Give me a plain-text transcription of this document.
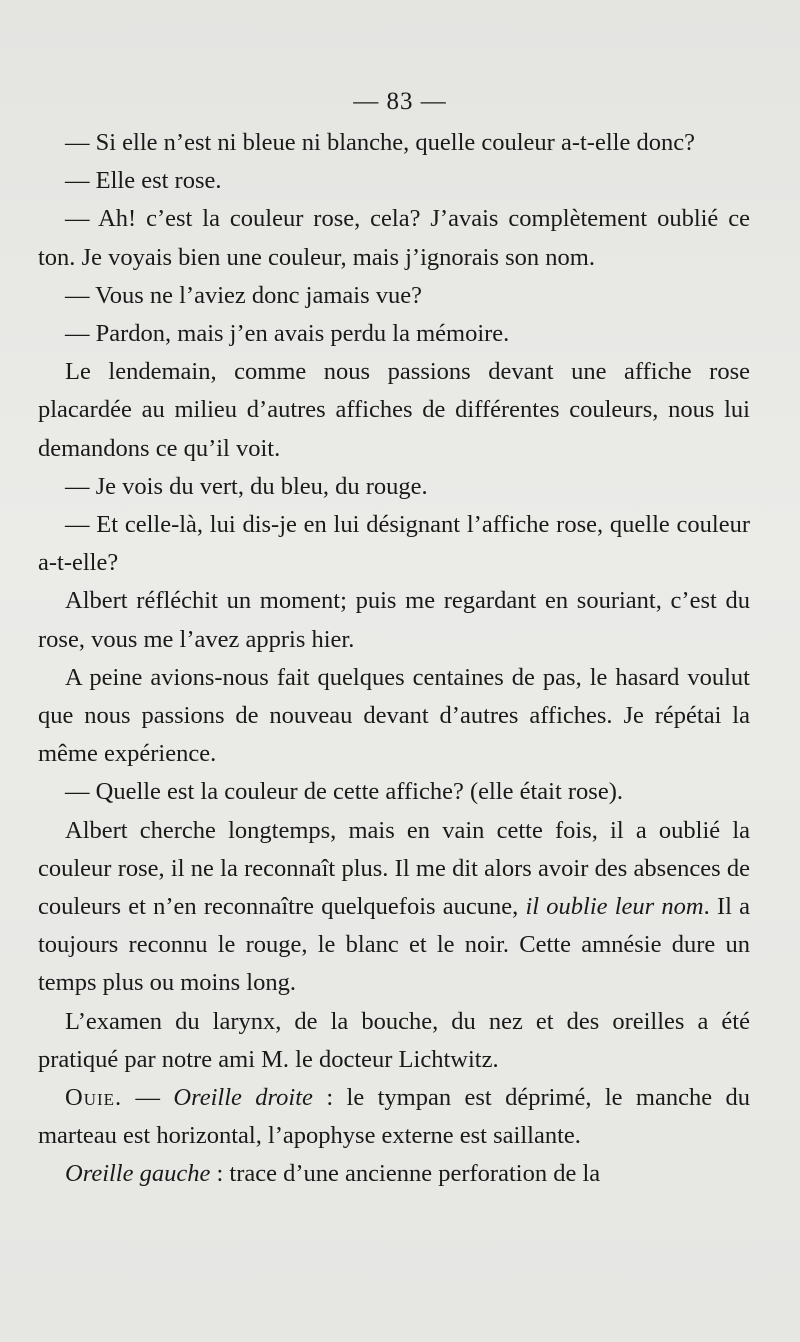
— 83 —

— Si elle n’est ni bleue ni blanche, quelle couleur a-t-elle donc?

— Elle est rose.

— Ah! c’est la couleur rose, cela? J’avais complètement oublié ce ton. Je voyais bien une couleur, mais j’ignorais son nom.

— Vous ne l’aviez donc jamais vue?

— Pardon, mais j’en avais perdu la mémoire.

Le lendemain, comme nous passions devant une affiche rose placardée au milieu d’autres affiches de différentes couleurs, nous lui demandons ce qu’il voit.

— Je vois du vert, du bleu, du rouge.

— Et celle-là, lui dis-je en lui désignant l’affiche rose, quelle couleur a-t-elle?

Albert réfléchit un moment; puis me regardant en souriant, c’est du rose, vous me l’avez appris hier.

A peine avions-nous fait quelques centaines de pas, le hasard voulut que nous passions de nouveau devant d’autres affiches. Je répétai la même expérience.

— Quelle est la couleur de cette affiche? (elle était rose).

Albert cherche longtemps, mais en vain cette fois, il a oublié la couleur rose, il ne la reconnaît plus. Il me dit alors avoir des absences de couleurs et n’en reconnaître quelquefois aucune, il oublie leur nom. Il a toujours reconnu le rouge, le blanc et le noir. Cette amnésie dure un temps plus ou moins long.

L’examen du larynx, de la bouche, du nez et des oreilles a été pratiqué par notre ami M. le docteur Lichtwitz.

Ouie. — Oreille droite : le tympan est déprimé, le manche du marteau est horizontal, l’apophyse externe est saillante.

Oreille gauche : trace d’une ancienne perforation de la
